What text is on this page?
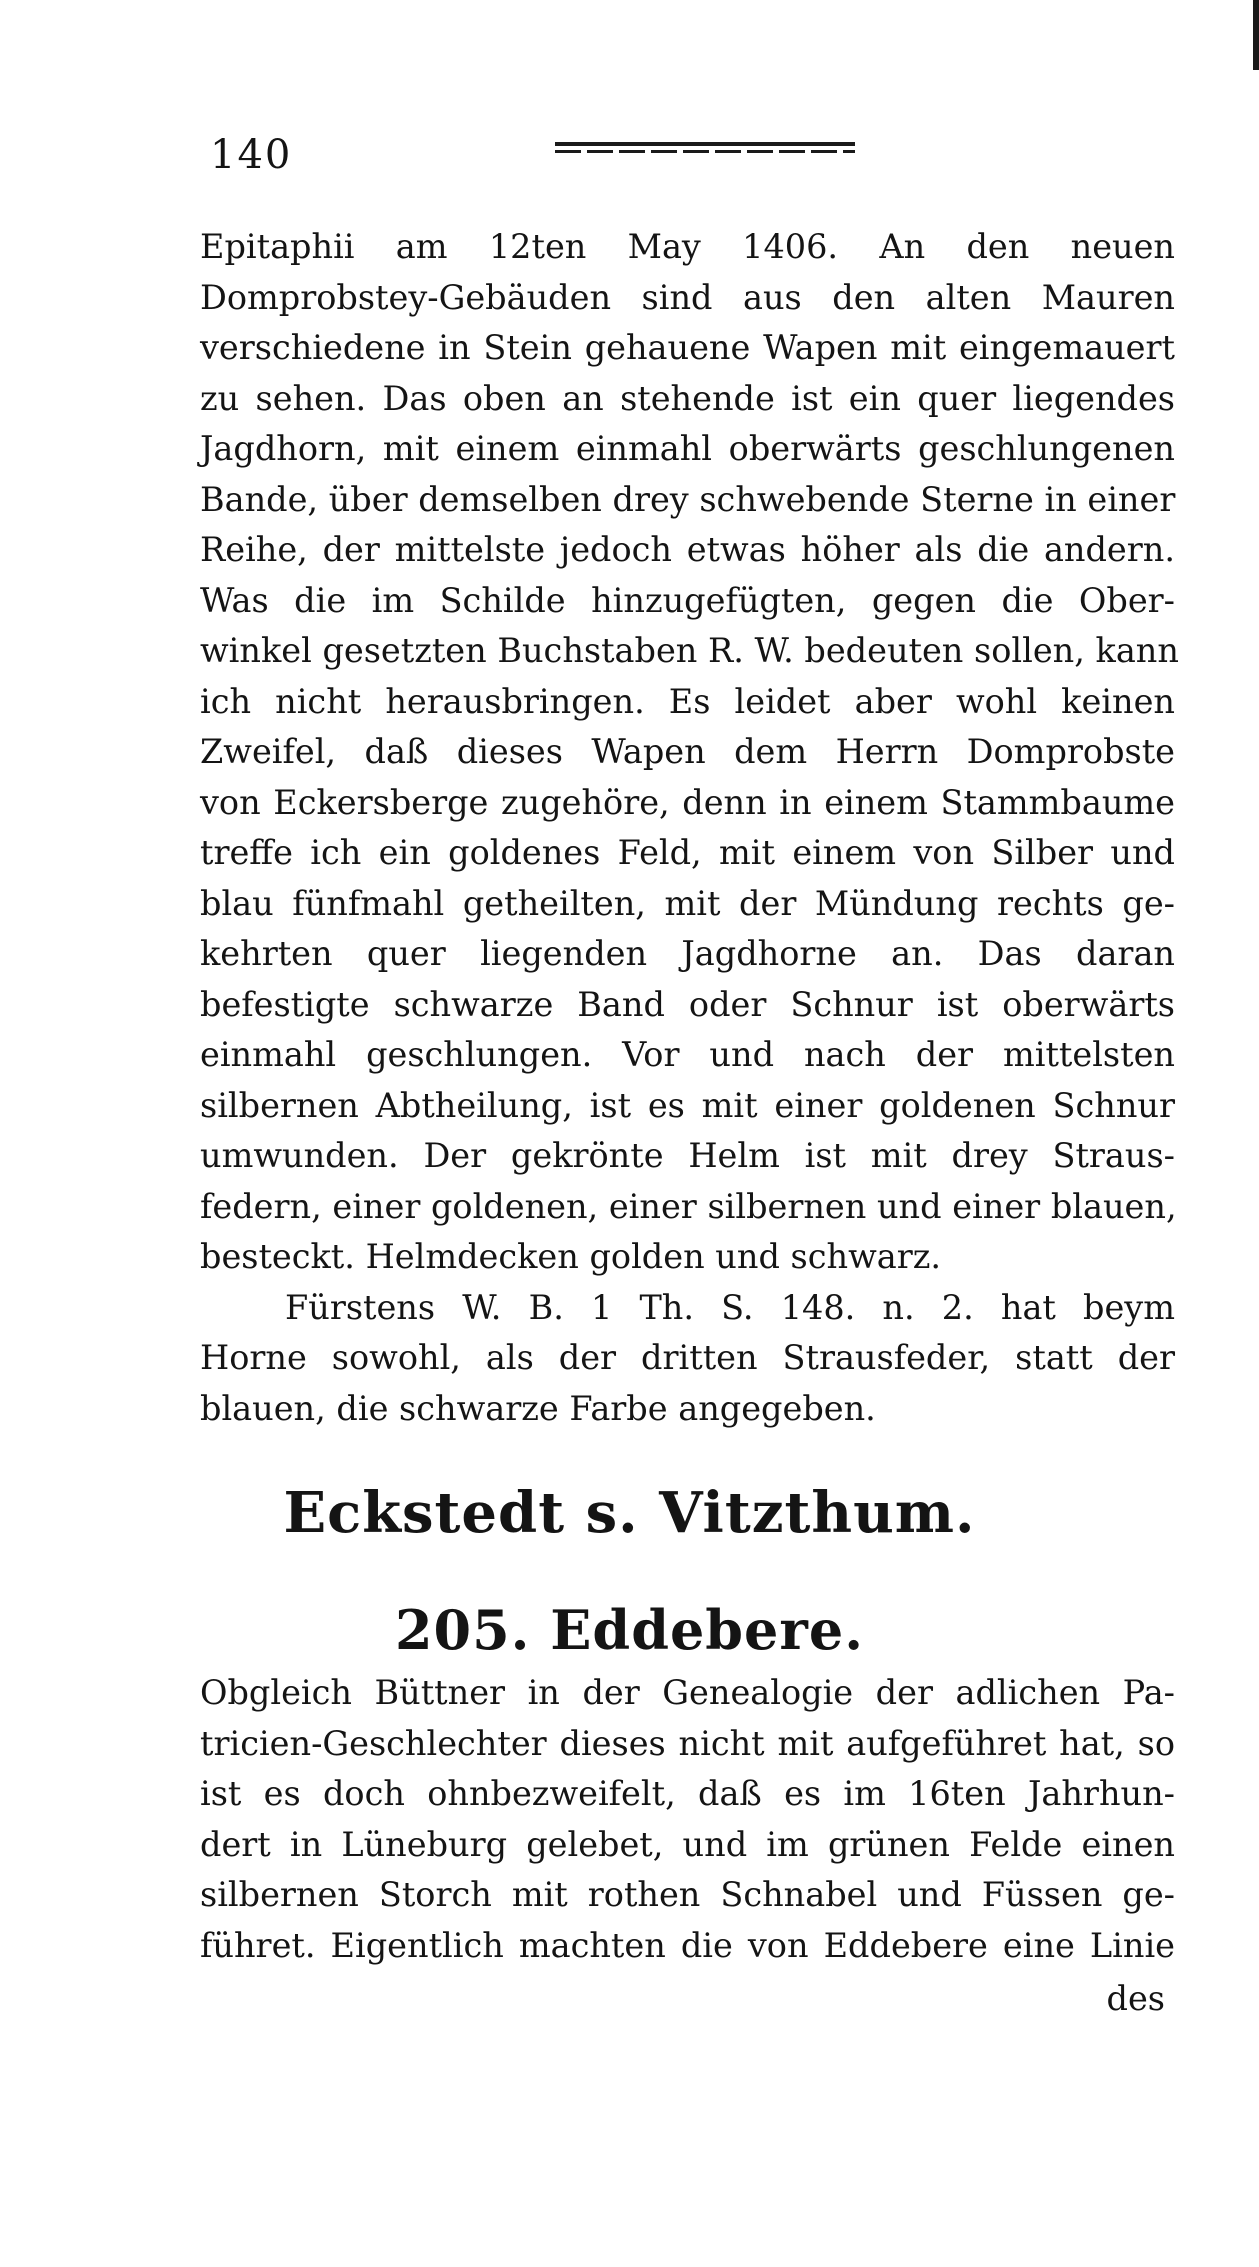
140
Epitaphii am 12ten May 1406. An den neuen
Domprobstey-Gebäuden sind aus den alten Mauren
verschiedene in Stein gehauene Wapen mit eingemauert
zu sehen. Das oben an stehende ist ein quer liegendes
Jagdhorn, mit einem einmahl oberwärts geschlungenen
Bande, über demselben drey schwebende Sterne in einer
Reihe, der mittelste jedoch etwas höher als die andern.
Was die im Schilde hinzugefügten, gegen die Ober-
winkel gesetzten Buchstaben R. W. bedeuten sollen, kann
ich nicht herausbringen. Es leidet aber wohl keinen
Zweifel, daß dieses Wapen dem Herrn Domprobste
von Eckersberge zugehöre, denn in einem Stammbaume
treffe ich ein goldenes Feld, mit einem von Silber und
blau fünfmahl getheilten, mit der Mündung rechts ge-
kehrten quer liegenden Jagdhorne an. Das daran
befestigte schwarze Band oder Schnur ist oberwärts
einmahl geschlungen. Vor und nach der mittelsten
silbernen Abtheilung, ist es mit einer goldenen Schnur
umwunden. Der gekrönte Helm ist mit drey Straus-
federn, einer goldenen, einer silbernen und einer blauen,
besteckt. Helmdecken golden und schwarz.
Fürstens W. B. 1 Th. S. 148. n. 2. hat beym
Horne sowohl, als der dritten Strausfeder, statt der
blauen, die schwarze Farbe angegeben.
Eckstedt s. Vitzthum.
205. Eddebere.
Obgleich Büttner in der Genealogie der adlichen Pa-
tricien-Geschlechter dieses nicht mit aufgeführet hat, so
ist es doch ohnbezweifelt, daß es im 16ten Jahrhun-
dert in Lüneburg gelebet, und im grünen Felde einen
silbernen Storch mit rothen Schnabel und Füssen ge-
führet. Eigentlich machten die von Eddebere eine Linie
des
